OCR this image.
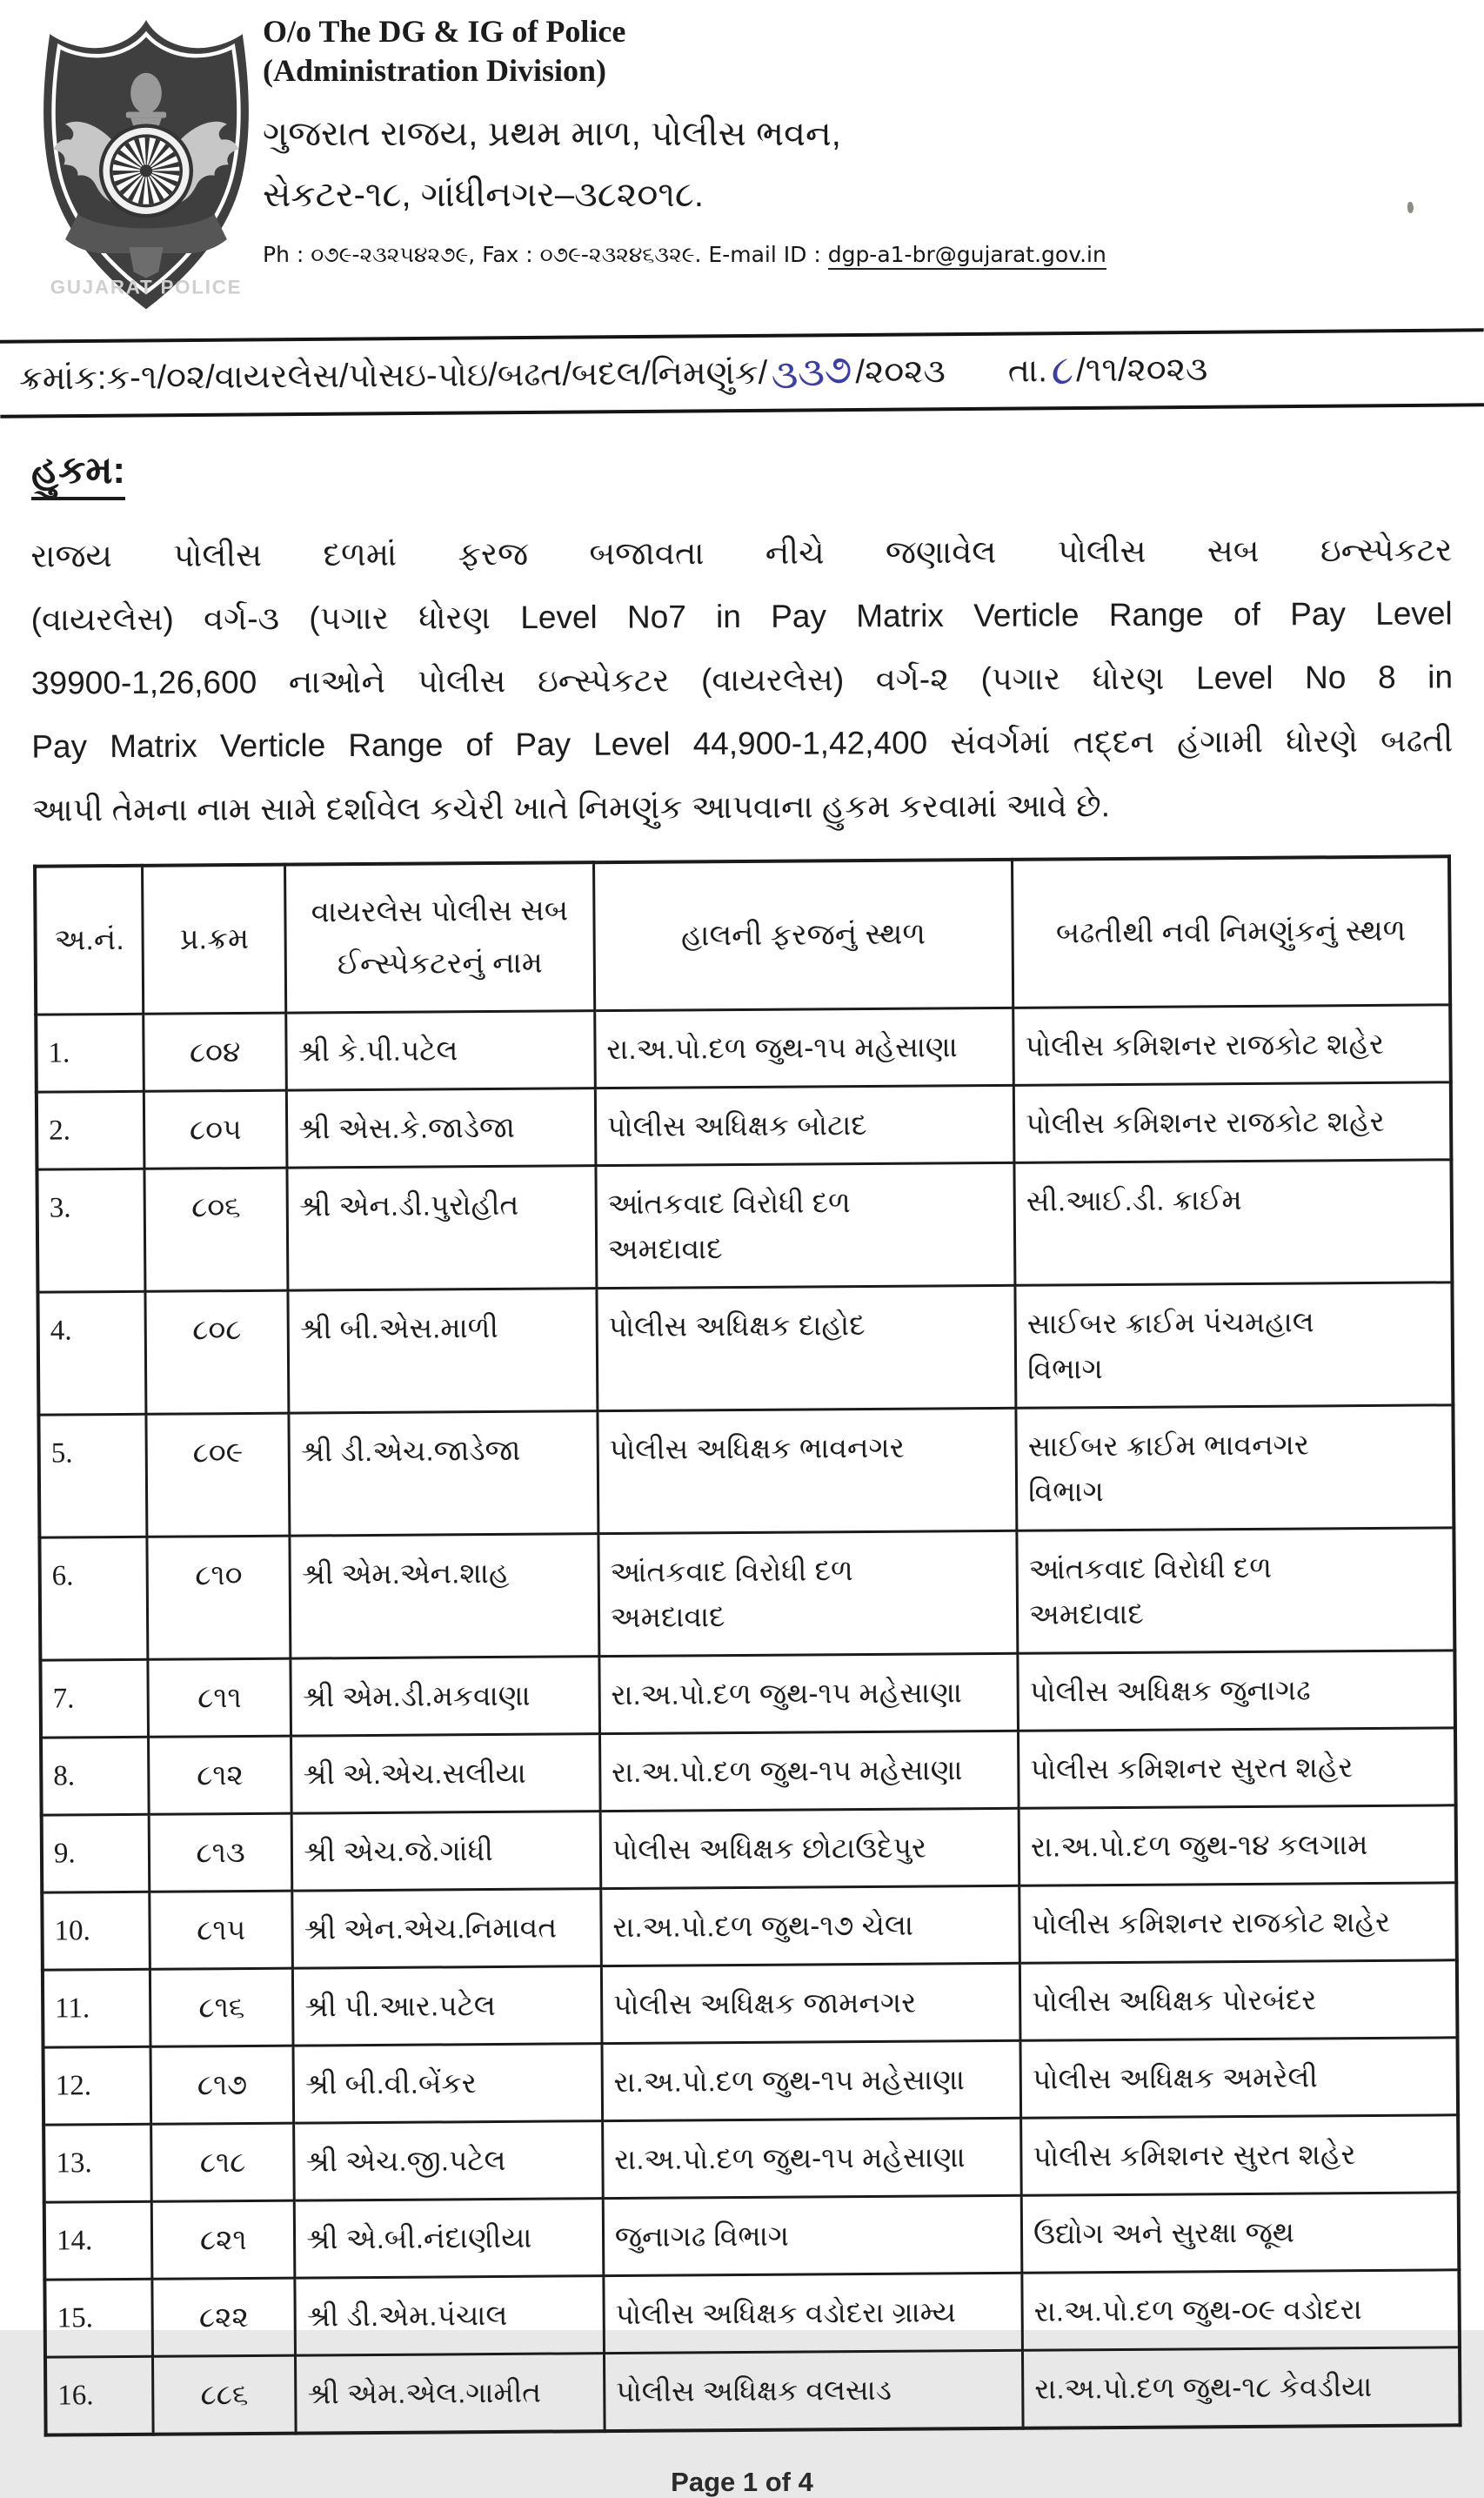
GUJARAT POLICE
O/o The DG & IG of Police
(Administration Division)
ગુજરાત રાજય, પ્રથમ માળ, પોલીસ ભવન,
સેકટર-૧૮, ગાંધીનગર–૩૮૨૦૧૮.
Ph : ૦૭૯-૨૩૨૫૪૨૭૯, Fax : ૦૭૯-૨૩૨૪૬૩૨૯. E-mail ID : dgp-a1-br@gujarat.gov.in
ક્રમાંક:ક-૧/૦૨/વાયરલેસ/પોસઇ-પોઇ/બઢત/બદલ/નિમણુંક/૩૩૭/૨૦૨૩ તા.૮/૧૧/૨૦૨૩
હુકમ:
રાજય પોલીસ દળમાં ફરજ બજાવતા નીચે જણાવેલ પોલીસ સબ ઇન્સ્પેકટર
(વાયરલેસ) વર્ગ-૩ (પગાર ધોરણ Level No7 in Pay Matrix Verticle Range of Pay Level
39900-1,26,600 નાઓને પોલીસ ઇન્સ્પેકટર (વાયરલેસ) વર્ગ-૨ (પગાર ધોરણ Level No 8 in
Pay Matrix Verticle Range of Pay Level 44,900-1,42,400 સંવર્ગમાં તદ્દન હંગામી ધોરણે બઢતી
આપી તેમના નામ સામે દર્શાવેલ કચેરી ખાતે નિમણુંક આપવાના હુકમ કરવામાં આવે છે.
અ.નં.	પ્ર.ક્રમ	વાયરલેસ પોલીસ સબ ઈન્સ્પેકટરનું નામ	હાલની ફરજનું સ્થળ	બઢતીથી નવી નિમણુંકનું સ્થળ
1.	૮૦૪	શ્રી કે.પી.પટેલ	રા.અ.પો.દળ જુથ-૧૫ મહેસાણા	પોલીસ કમિશનર રાજકોટ શહેર
2.	૮૦૫	શ્રી એસ.કે.જાડેજા	પોલીસ અધિક્ષક બોટાદ	પોલીસ કમિશનર રાજકોટ શહેર
3.	૮૦૬	શ્રી એન.ડી.પુરોહીત	આંતકવાદ વિરોધી દળ
અમદાવાદ	સી.આઈ.ડી. ક્રાઈમ
4.	૮૦૮	શ્રી બી.એસ.માળી	પોલીસ અધિક્ષક દાહોદ	સાઈબર ક્રાઈમ પંચમહાલ
વિભાગ
5.	૮૦૯	શ્રી ડી.એચ.જાડેજા	પોલીસ અધિક્ષક ભાવનગર	સાઈબર ક્રાઈમ ભાવનગર
વિભાગ
6.	૮૧૦	શ્રી એમ.એન.શાહ	આંતકવાદ વિરોધી દળ
અમદાવાદ	આંતકવાદ વિરોધી દળ
અમદાવાદ
7.	૮૧૧	શ્રી એમ.ડી.મકવાણા	રા.અ.પો.દળ જુથ-૧૫ મહેસાણા	પોલીસ અધિક્ષક જુનાગઢ
8.	૮૧૨	શ્રી એ.એચ.સલીયા	રા.અ.પો.દળ જુથ-૧૫ મહેસાણા	પોલીસ કમિશનર સુરત શહેર
9.	૮૧૩	શ્રી એચ.જે.ગાંધી	પોલીસ અધિક્ષક છોટાઉદેપુર	રા.અ.પો.દળ જુથ-૧૪ કલગામ
10.	૮૧૫	શ્રી એન.એચ.નિમાવત	રા.અ.પો.દળ જુથ-૧૭ ચેલા	પોલીસ કમિશનર રાજકોટ શહેર
11.	૮૧૬	શ્રી પી.આર.પટેલ	પોલીસ અધિક્ષક જામનગર	પોલીસ અધિક્ષક પોરબંદર
12.	૮૧૭	શ્રી બી.વી.બેંકર	રા.અ.પો.દળ જુથ-૧૫ મહેસાણા	પોલીસ અધિક્ષક અમરેલી
13.	૮૧૮	શ્રી એચ.જી.પટેલ	રા.અ.પો.દળ જુથ-૧૫ મહેસાણા	પોલીસ કમિશનર સુરત શહેર
14.	૮૨૧	શ્રી એ.બી.નંદાણીયા	જુનાગઢ વિભાગ	ઉદ્યોગ અને સુરક્ષા જૂથ
15.	૮૨૨	શ્રી ડી.એમ.પંચાલ	પોલીસ અધિક્ષક વડોદરા ગ્રામ્ય	રા.અ.પો.દળ જુથ-૦૯ વડોદરા
16.	૮૮૬	શ્રી એમ.એલ.ગામીત	પોલીસ અધિક્ષક વલસાડ	રા.અ.પો.દળ જુથ-૧૮ કેવડીયા
Page 1 of 4
